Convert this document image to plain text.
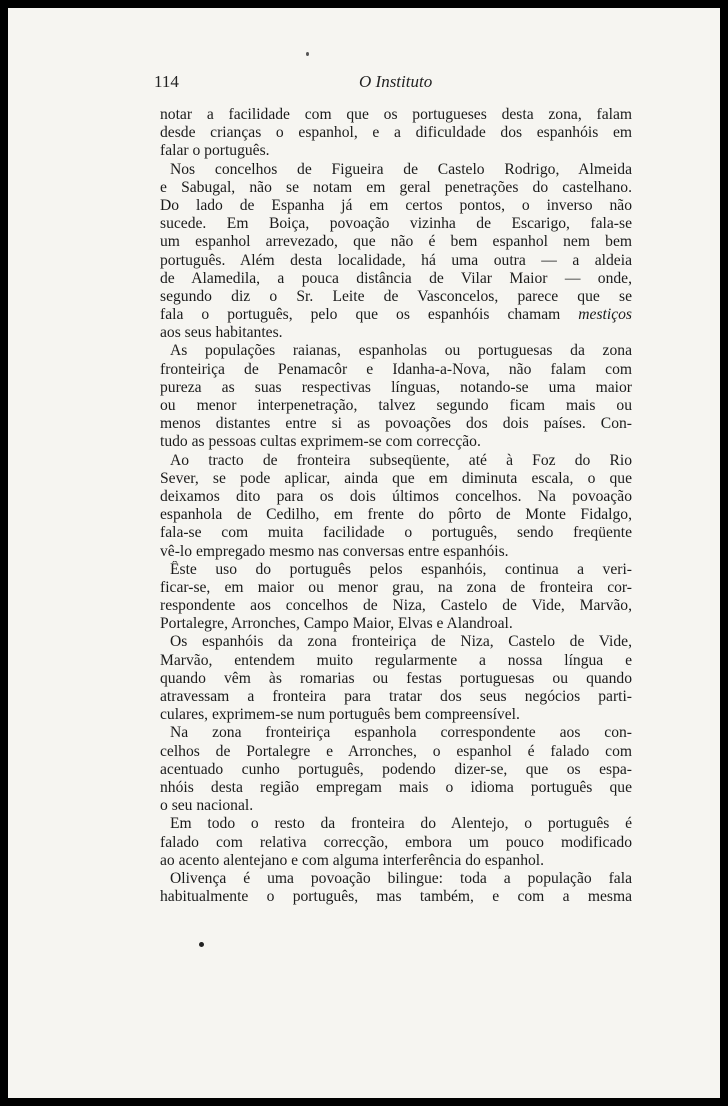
114	O Instituto
notar a facilidade com que os portugueses desta zona, falam
desde crianças o espanhol, e a dificuldade dos espanhóis em
falar o português.
Nos concelhos de Figueira de Castelo Rodrigo, Almeida
e Sabugal, não se notam em geral penetrações do castelhano.
Do lado de Espanha já em certos pontos, o inverso não
sucede. Em Boiça, povoação vizinha de Escarigo, fala-se
um espanhol arrevezado, que não é bem espanhol nem bem
português. Além desta localidade, há uma outra — a aldeia
de Alamedila, a pouca distância de Vilar Maior — onde,
segundo diz o Sr. Leite de Vasconcelos, parece que se
fala o português, pelo que os espanhóis chamam mestiços
aos seus habitantes.
As populações raianas, espanholas ou portuguesas da zona
fronteiriça de Penamacôr e Idanha-a-Nova, não falam com
pureza as suas respectivas línguas, notando-se uma maior
ou menor interpenetração, talvez segundo ficam mais ou
menos distantes entre si as povoações dos dois países. Con-
tudo as pessoas cultas exprimem-se com correcção.
Ao tracto de fronteira subseqüente, até à Foz do Rio
Sever, se pode aplicar, ainda que em diminuta escala, o que
deixamos dito para os dois últimos concelhos. Na povoação
espanhola de Cedilho, em frente do pôrto de Monte Fidalgo,
fala-se com muita facilidade o português, sendo freqüente
vê-lo empregado mesmo nas conversas entre espanhóis.
Êste uso do português pelos espanhóis, continua a veri-
ficar-se, em maior ou menor grau, na zona de fronteira cor-
respondente aos concelhos de Niza, Castelo de Vide, Marvão,
Portalegre, Arronches, Campo Maior, Elvas e Alandroal.
Os espanhóis da zona fronteiriça de Niza, Castelo de Vide,
Marvão, entendem muito regularmente a nossa língua e
quando vêm às romarias ou festas portuguesas ou quando
atravessam a fronteira para tratar dos seus negócios parti-
culares, exprimem-se num português bem compreensível.
Na zona fronteiriça espanhola correspondente aos con-
celhos de Portalegre e Arronches, o espanhol é falado com
acentuado cunho português, podendo dizer-se, que os espa-
nhóis desta região empregam mais o idioma português que
o seu nacional.
Em todo o resto da fronteira do Alentejo, o português é
falado com relativa correcção, embora um pouco modificado
ao acento alentejano e com alguma interferência do espanhol.
Olivença é uma povoação bilingue: toda a população fala
habitualmente o português, mas também, e com a mesma
